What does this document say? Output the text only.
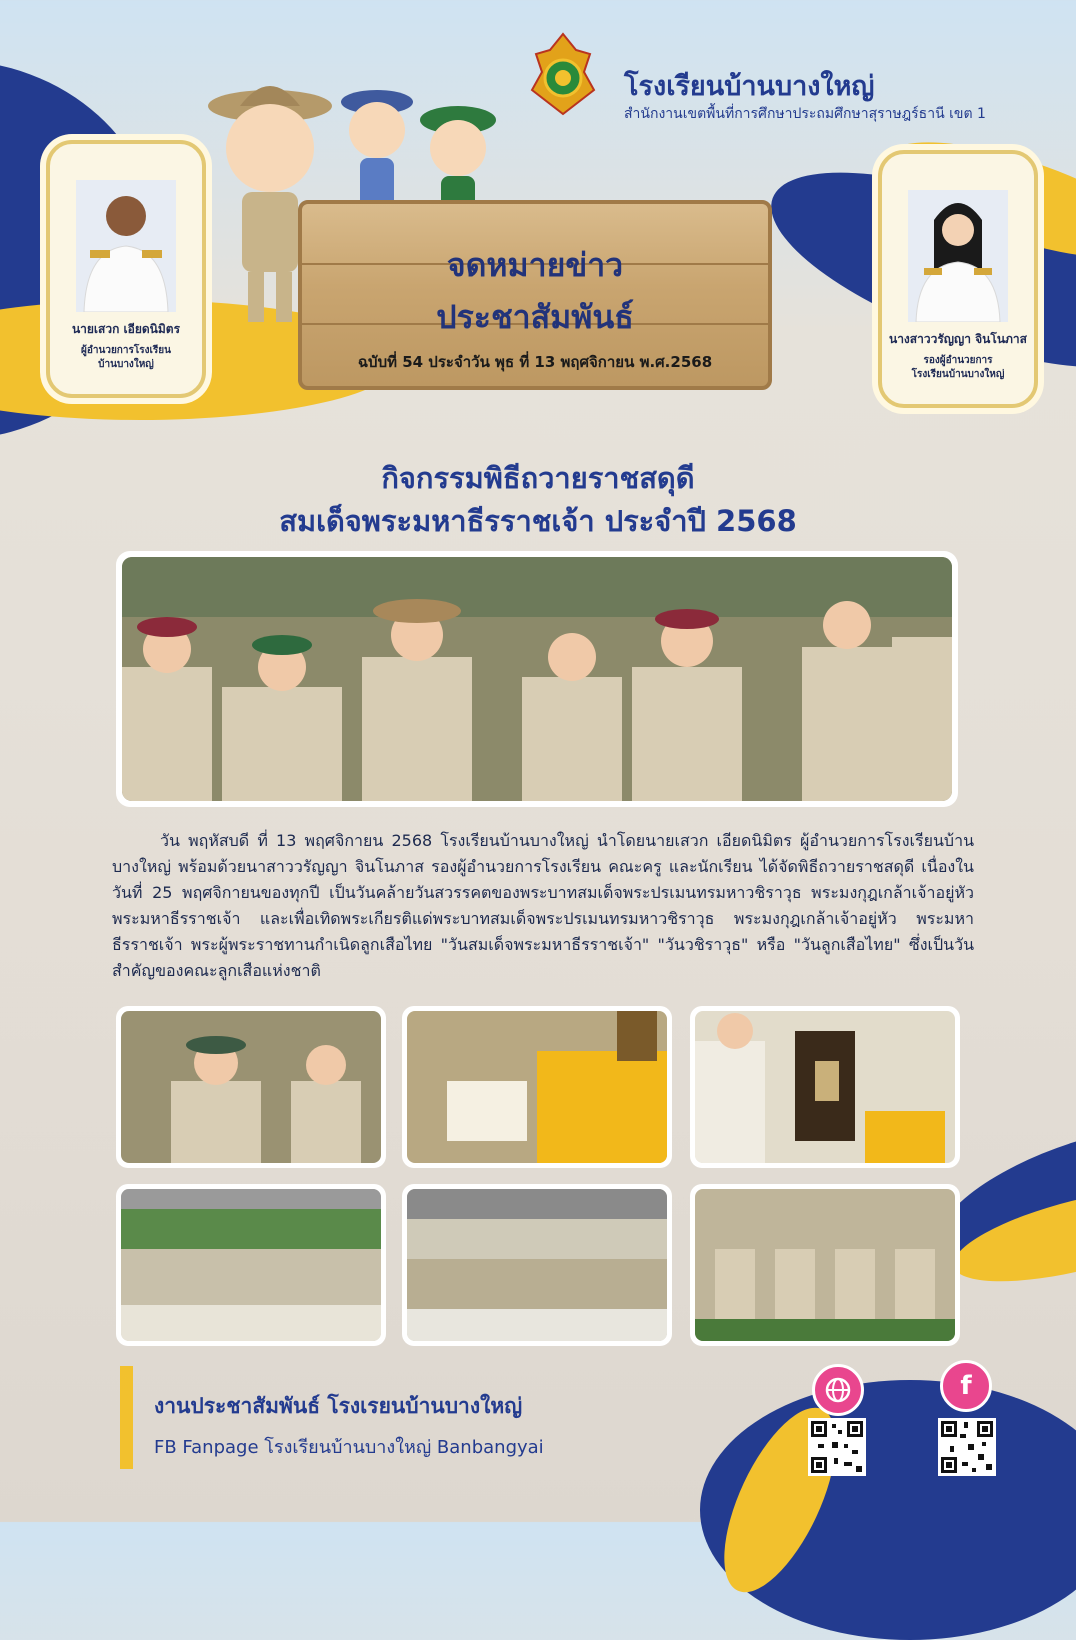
โรงเรียนบ้านบางใหญ่
สำนักงานเขตพื้นที่การศึกษาประถมศึกษาสุราษฎร์ธานี เขต 1
นายเสวก เอียดนิมิตร
ผู้อำนวยการโรงเรียน
บ้านบางใหญ่
นางสาววรัญญา จินโนภาส
รองผู้อำนวยการ
โรงเรียนบ้านบางใหญ่
จดหมายข่าว
ประชาสัมพันธ์
ฉบับที่ 54 ประจำวัน พุธ ที่ 13 พฤศจิกายน พ.ศ.2568
กิจกรรมพิธีถวายราชสดุดี
สมเด็จพระมหาธีรราชเจ้า ประจำปี 2568
วัน พฤหัสบดี ที่ 13 พฤศจิกายน 2568 โรงเรียนบ้านบางใหญ่ นำโดยนายเสวก เอียดนิมิตร ผู้อำนวยการโรงเรียนบ้านบางใหญ่ พร้อมด้วยนาสาววรัญญา จินโนภาส รองผู้อำนวยการโรงเรียน คณะครู และนักเรียน ได้จัดพิธีถวายราชสดุดี เนื่องในวันที่ 25 พฤศจิกายนของทุกปี เป็นวันคล้ายวันสวรรคตของพระบาทสมเด็จพระปรเมนทรมหาวชิราวุธ พระมงกุฎเกล้าเจ้าอยู่หัว พระมหาธีรราชเจ้า และเพื่อเทิดพระเกียรติแด่พระบาทสมเด็จพระปรเมนทรมหาวชิราวุธ พระมงกุฎเกล้าเจ้าอยู่หัว พระมหาธีรราชเจ้า พระผู้พระราชทานกำเนิดลูกเสือไทย "วันสมเด็จพระมหาธีรราชเจ้า" "วันวชิราวุธ" หรือ "วันลูกเสือไทย" ซึ่งเป็นวันสำคัญของคณะลูกเสือแห่งชาติ
งานประชาสัมพันธ์ โรงเรยนบ้านบางใหญ่
FB Fanpage โรงเรียนบ้านบางใหญ่ Banbangyai
f
